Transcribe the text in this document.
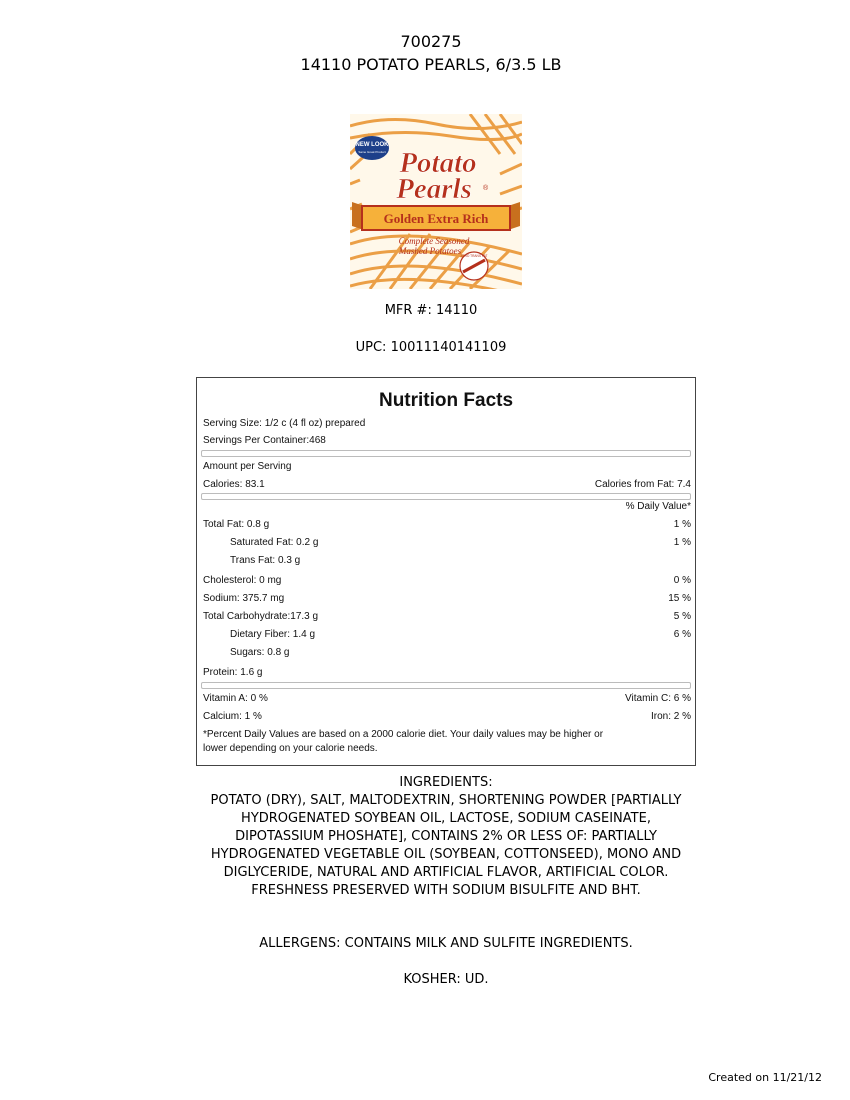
700275
14110 POTATO PEARLS, 6/3.5 LB
NEW LOOK
Same Great Product Potato
Pearls ®
Golden Extra Rich
Complete Seasoned
Mashed Potatoes ZERO TRANS FAT
MFR #: 14110
UPC: 10011140141109
Nutrition Facts
Serving Size: 1/2 c (4 fl oz) prepared
Servings Per Container:468
Amount per Serving
Calories: 83.1	Calories from Fat: 7.4
% Daily Value*
Total Fat: 0.8 g	1 %
Saturated Fat: 0.2 g	1 %
Trans Fat: 0.3 g
Cholesterol: 0 mg	0 %
Sodium: 375.7 mg	15 %
Total Carbohydrate:17.3 g	5 %
Dietary Fiber: 1.4 g	6 %
Sugars: 0.8 g
Protein: 1.6 g
Vitamin A: 0 %	Vitamin C: 6 %
Calcium: 1 %	Iron: 2 %
*Percent Daily Values are based on a 2000 calorie diet. Your daily values may be higher or
lower depending on your calorie needs.
INGREDIENTS:
POTATO (DRY), SALT, MALTODEXTRIN, SHORTENING POWDER [PARTIALLY HYDROGENATED SOYBEAN OIL, LACTOSE, SODIUM CASEINATE, DIPOTASSIUM PHOSHATE], CONTAINS 2% OR LESS OF: PARTIALLY HYDROGENATED VEGETABLE OIL (SOYBEAN, COTTONSEED), MONO AND DIGLYCERIDE, NATURAL AND ARTIFICIAL FLAVOR, ARTIFICIAL COLOR. FRESHNESS PRESERVED WITH SODIUM BISULFITE AND BHT.
ALLERGENS: CONTAINS MILK AND SULFITE INGREDIENTS.
KOSHER: UD.
Created on 11/21/12
